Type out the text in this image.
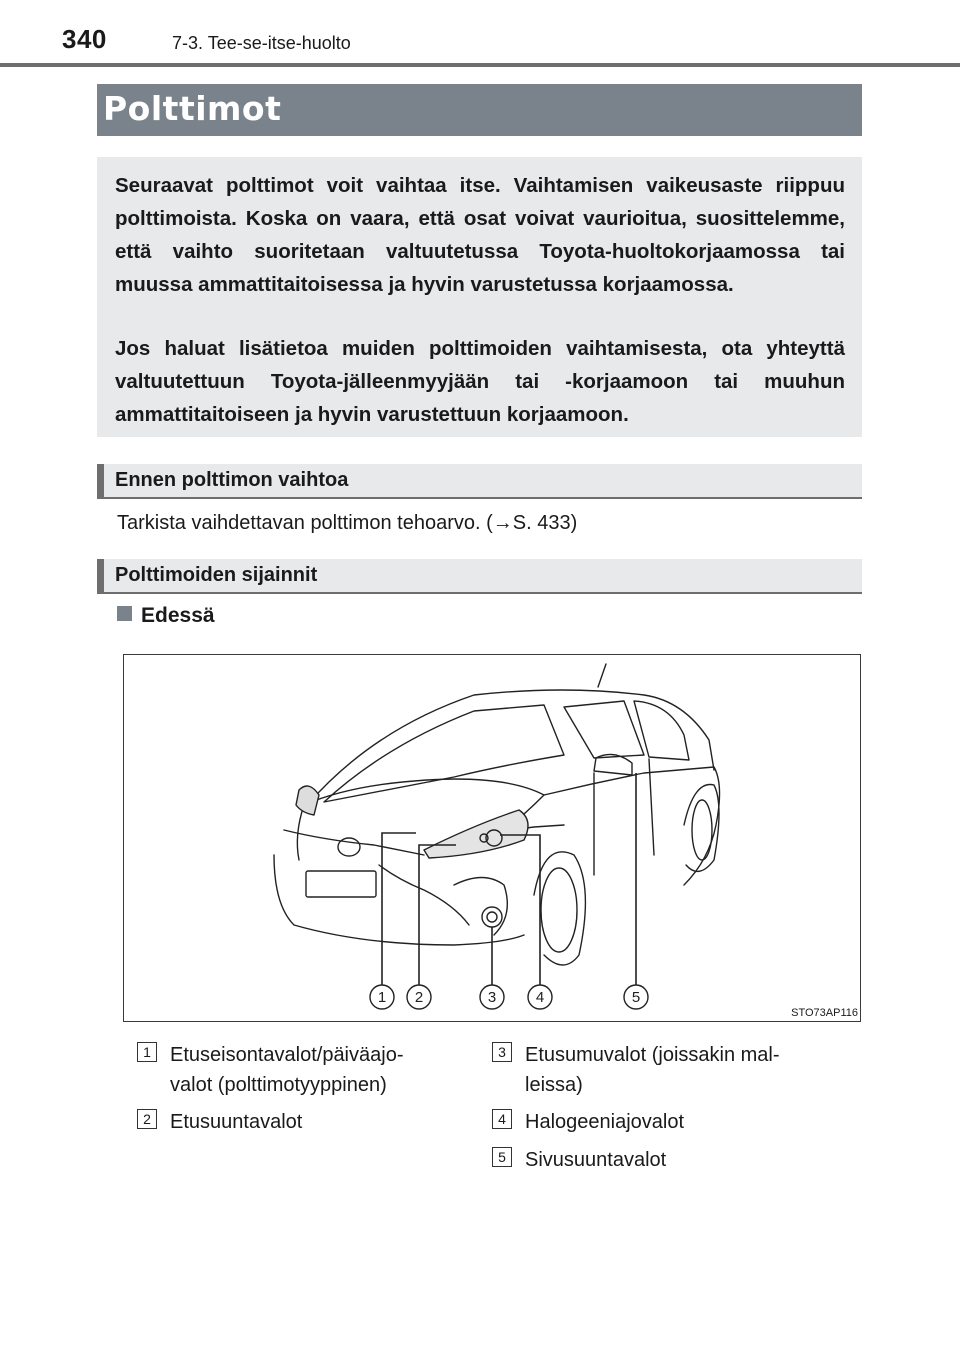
340	7-3. Tee-se-itse-huolto
Polttimot

Seuraavat polttimot voit vaihtaa itse. Vaihtamisen vaikeusaste riippuu polttimoista. Koska on vaara, että osat voivat vaurioitua, suosittelemme, että vaihto suoritetaan valtuutetussa Toyota-huoltokorjaamossa tai muussa ammattitaitoisessa ja hyvin varustetussa korjaamossa.

Jos haluat lisätietoa muiden polttimoiden vaihtamisesta, ota yhteyttä valtuutettuun Toyota-jälleenmyyjään tai -korjaamoon tai muuhun ammattitaitoiseen ja hyvin varustettuun korjaamoon.

Ennen polttimon vaihtoa
Tarkista vaihdettavan polttimon tehoarvo. (→S. 433)
Polttimoiden sijainnit
Edessä
1 2	3	4	5
STO73AP116
1 Etuseisontavalot/päiväajo-
valot (polttimotyyppinen)
2 Etusuuntavalot
3 Etusumuvalot (joissakin mal-
leissa)
4 Halogeeniajovalot
5 Sivusuuntavalot
